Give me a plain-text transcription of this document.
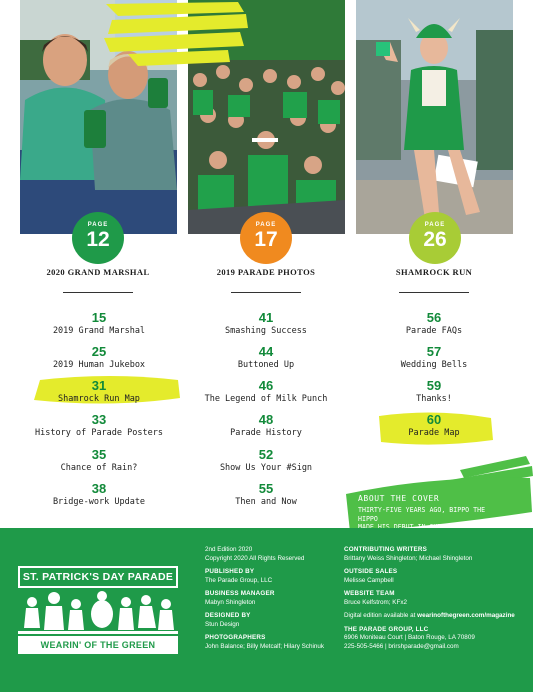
PAGE
12
PAGE
17
PAGE
26
2020 GRAND MARSHAL	2019 PARADE PHOTOS	SHAMROCK RUN
15
2019 Grand Marshal
25
2019 Human Jukebox
31
Shamrock Run Map
33
History of Parade Posters
35
Chance of Rain?
38
Bridge-work Update
41
Smashing Success
44
Buttoned Up
46
The Legend of Milk Punch
48
Parade History
52
Show Us Your #Sign
55
Then and Now
56
Parade FAQs
57
Wedding Bells
59
Thanks!
60
Parade Map
ABOUT THE COVER
THIRTY-FIVE YEARS AGO, BIPPO THE HIPPO
ST. PATRICK'S DAY PARADE
WEARIN' OF THE GREEN
2nd Edition 2020
Copyright 2020 All Rights Reserved
PUBLISHED BY
The Parade Group, LLC
BUSINESS MANAGER
Mabyn Shingleton
DESIGNED BY
Stun Design
PHOTOGRAPHERS
John Balance; Billy Metcalf; Hilary Schinuk
CONTRIBUTING WRITERS
Brittany Weiss Shingleton; Michael Shingleton
OUTSIDE SALES
Melisse Campbell
WEBSITE TEAM
Bruce Kelfstrom; KFx2
Digital edition available at wearinofthegreen.com/magazine
THE PARADE GROUP, LLC
6906 Moniteau Court | Baton Rouge, LA 70809
225-505-5466 | brirshparade@gmail.com
